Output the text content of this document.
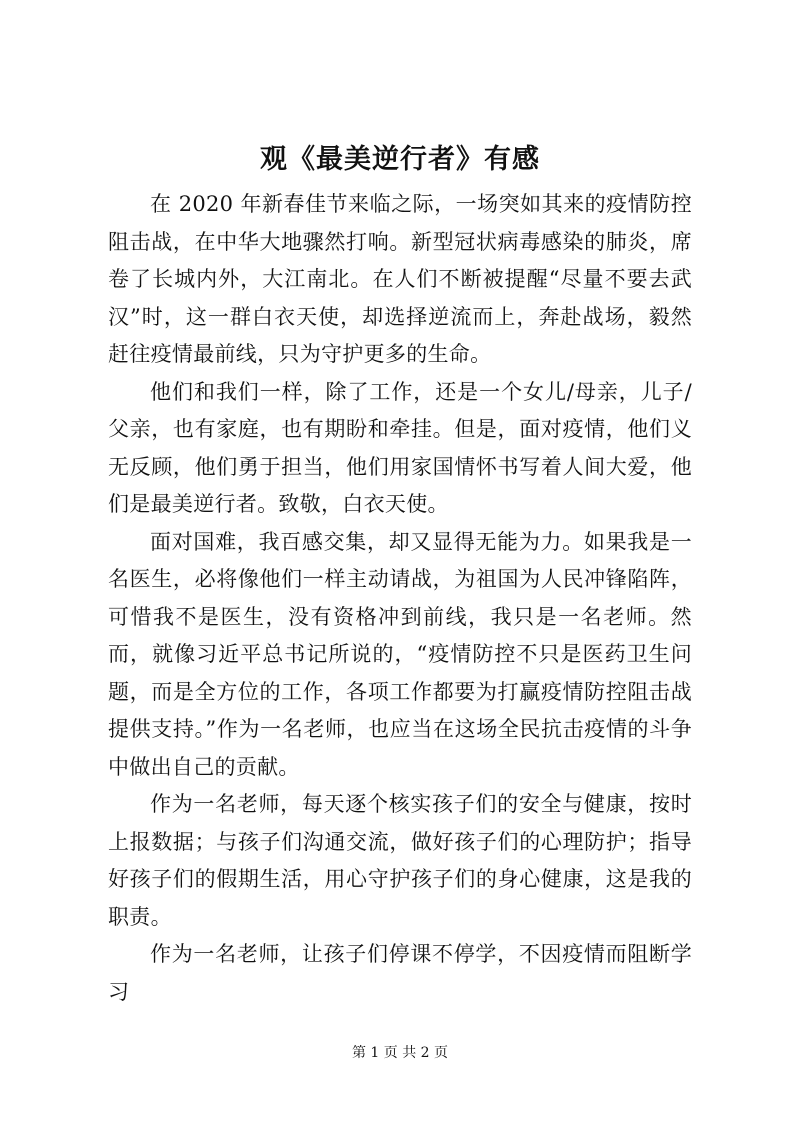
观《最美逆行者》有感

在 2020 年新春佳节来临之际，一场突如其来的疫情防控阻击战，在中华大地骤然打响。新型冠状病毒感染的肺炎，席卷了长城内外，大江南北。在人们不断被提醒“尽量不要去武汉”时，这一群白衣天使，却选择逆流而上，奔赴战场，毅然赶往疫情最前线，只为守护更多的生命。

他们和我们一样，除了工作，还是一个女儿/母亲，儿子/父亲，也有家庭，也有期盼和牵挂。但是，面对疫情，他们义无反顾，他们勇于担当，他们用家国情怀书写着人间大爱，他们是最美逆行者。致敬，白衣天使。

面对国难，我百感交集，却又显得无能为力。如果我是一名医生，必将像他们一样主动请战，为祖国为人民冲锋陷阵，可惜我不是医生，没有资格冲到前线，我只是一名老师。然而，就像习近平总书记所说的，“疫情防控不只是医药卫生问题，而是全方位的工作，各项工作都要为打赢疫情防控阻击战提供支持。”作为一名老师，也应当在这场全民抗击疫情的斗争中做出自己的贡献。

作为一名老师，每天逐个核实孩子们的安全与健康，按时上报数据；与孩子们沟通交流，做好孩子们的心理防护；指导好孩子们的假期生活，用心守护孩子们的身心健康，这是我的职责。

作为一名老师，让孩子们停课不停学，不因疫情而阻断学习

第 1 页 共 2 页
